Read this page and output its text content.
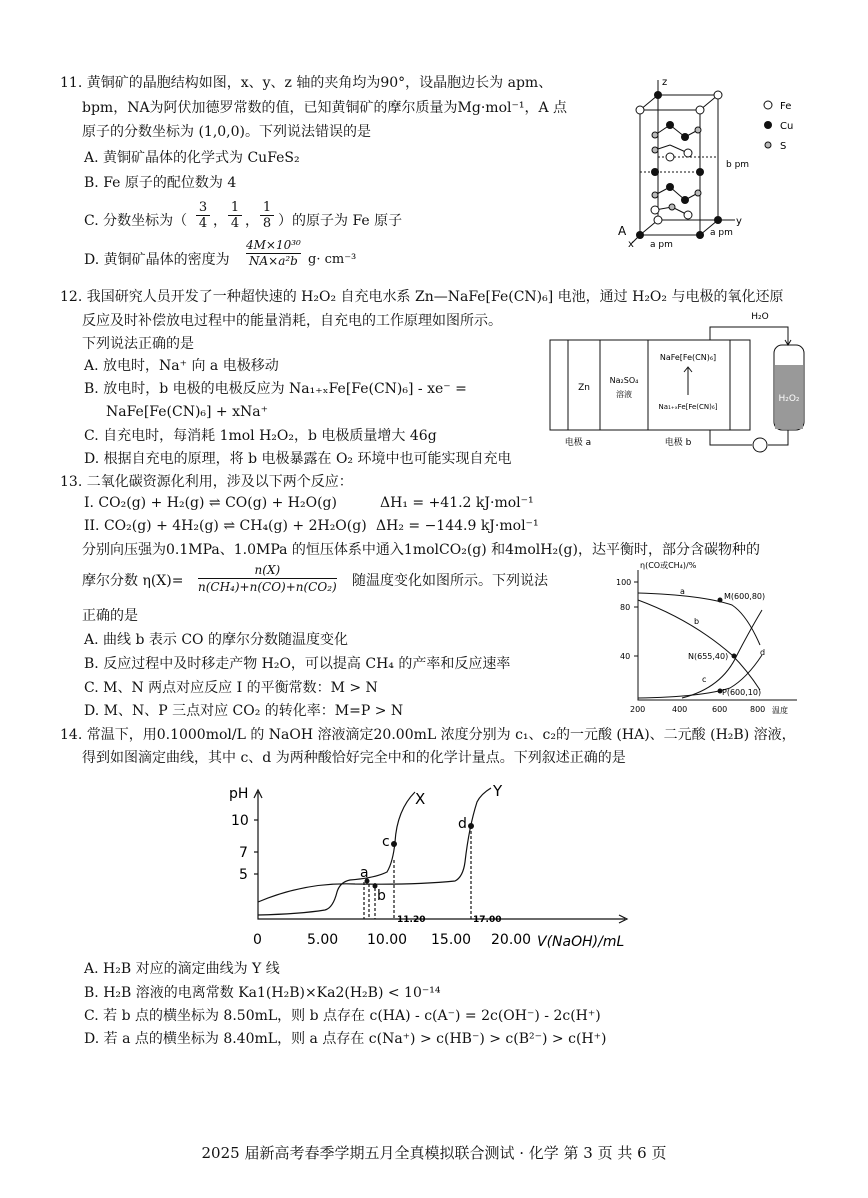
11. 黄铜矿的晶胞结构如图，x、y、z 轴的夹角均为90°，设晶胞边长为 apm、
bpm，NA为阿伏加德罗常数的值，已知黄铜矿的摩尔质量为Mg·mol⁻¹，A 点
原子的分数坐标为 (1,0,0)。下列说法错误的是
A. 黄铜矿晶体的化学式为 CuFeS₂
B. Fe 原子的配位数为 4
C. 分数坐标为（ $\frac{3}{4}$ ， $\frac{1}{4}$ ， $\frac{1}{8}$ ）的原子为 Fe 原子
D. 黄铜矿晶体的密度为 $\frac{\text{4M×10³⁰}}{\text{NA×a²b}} g\cdot cm^{-3}$
z
y
x
A
a pm
a pm
b pm
Fe
Cu
S
12. 我国研究人员开发了一种超快速的 H₂O₂ 自充电水系 Zn—NaFe[Fe(CN)₆] 电池，通过 H₂O₂ 与电极的氧化还原
反应及时补偿放电过程中的能量消耗，自充电的工作原理如图所示。
下列说法正确的是
A. 放电时，Na⁺ 向 a 电极移动
B. 放电时，b 电极的电极反应为 Na₁₊ₓFe[Fe(CN)₆] - xe⁻ =
NaFe[Fe(CN)₆] + xNa⁺
C. 自充电时，每消耗 1mol H₂O₂，b 电极质量增大 46g
D. 根据自充电的原理，将 b 电极暴露在 O₂ 环境中也可能实现自充电
Zn
Na₂SO₄
溶液
NaFe[Fe(CN)₆]
Na₁₊ₓFe[Fe(CN)₆]
电极 a	电极 b
H₂O
H₂O₂
13. 二氧化碳资源化利用，涉及以下两个反应：
I. CO₂(g) + H₂(g) ⇌ CO(g) + H₂O(g)	ΔH₁ = +41.2 kJ·mol⁻¹
II. CO₂(g) + 4H₂(g) ⇌ CH₄(g) + 2H₂O(g) ΔH₂ = −144.9 kJ·mol⁻¹
分别向压强为0.1MPa、1.0MPa 的恒压体系中通入1molCO₂(g) 和4molH₂(g)，达平衡时，部分含碳物种的
摩尔分数 $\eta(X)= \frac{n(X)}{\text{n(CH₄)+n(CO)+n(CO₂)}}$ 随温度变化如图所示。下列说法
正确的是
A. 曲线 b 表示 CO 的摩尔分数随温度变化
B. 反应过程中及时移走产物 H₂O，可以提高 CH₄ 的产率和反应速率
C. M、N 两点对应反应 I 的平衡常数：M > N
D. M、N、P 三点对应 CO₂ 的转化率：M=P > N
η(CO或CH₄)/%
温度
100
80
40
200	400	600	800
M(600,80)
N(655,40)
P(600,10)
a
b
c
d
14. 常温下，用0.1000mol/L 的 NaOH 溶液滴定20.00mL 浓度分别为 c₁、c₂的一元酸 (HA)、二元酸 (H₂B) 溶液，
得到如图滴定曲线，其中 c、d 为两种酸恰好完全中和的化学计量点。下列叙述正确的是
pH
10
7
5
0	5.00 10.00 15.00 20.00 V(NaOH)/mL
11.20	17.00
a
b
c
d
X	Y
A. H₂B 对应的滴定曲线为 Y 线
B. H₂B 溶液的电离常数 Ka1(H₂B)×Ka2(H₂B) < 10⁻¹⁴
C. 若 b 点的横坐标为 8.50mL，则 b 点存在 c(HA) - c(A⁻) = 2c(OH⁻) - 2c(H⁺)
D. 若 a 点的横坐标为 8.40mL，则 a 点存在 c(Na⁺) > c(HB⁻) > c(B²⁻) > c(H⁺)
2025 届新高考春季学期五月全真模拟联合测试 · 化学 第 3 页 共 6 页
